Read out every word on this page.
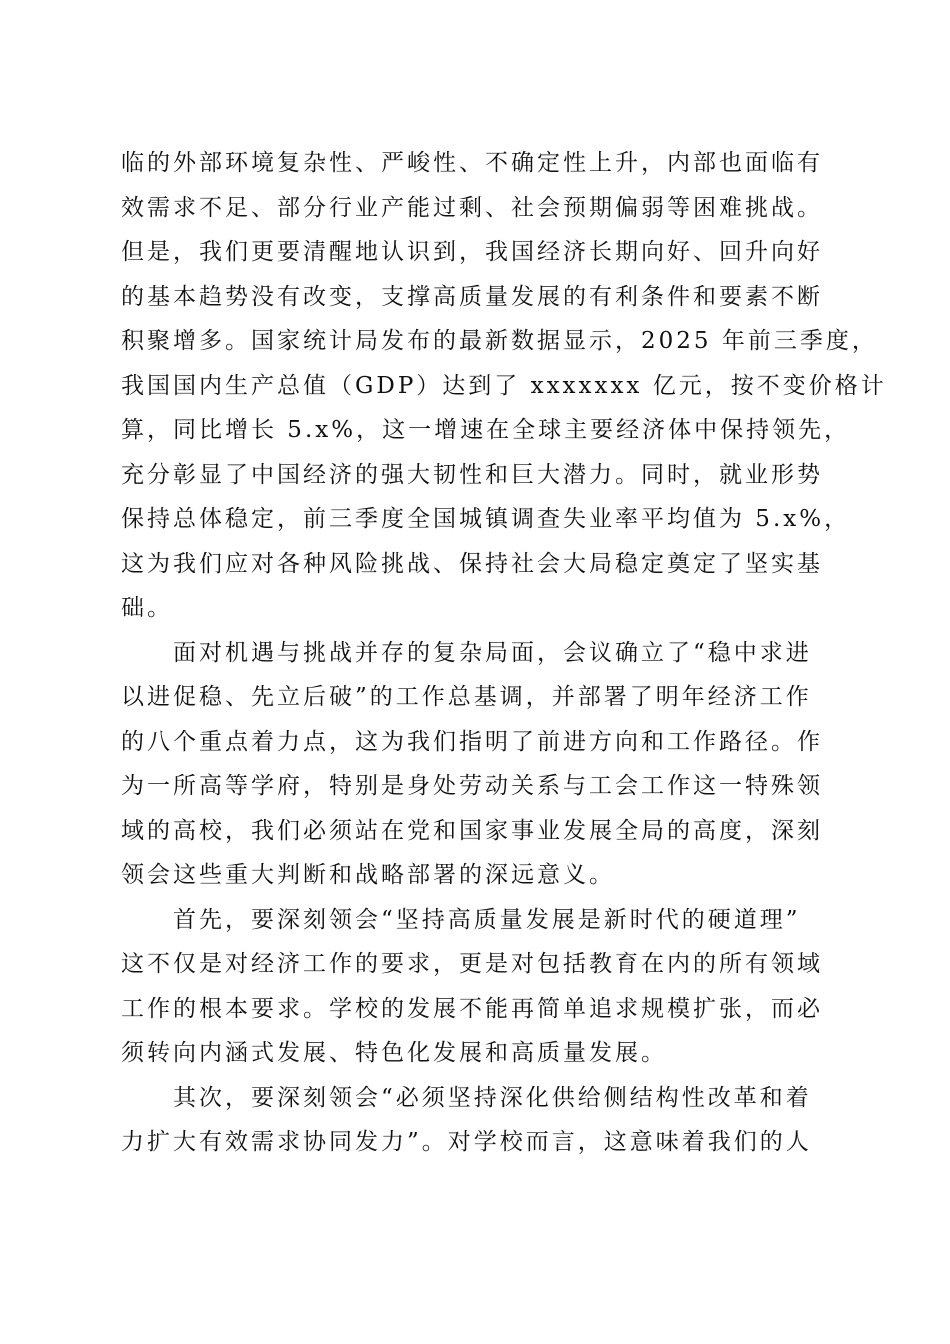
临的外部环境复杂性、严峻性、不确定性上升，内部也面临有
效需求不足、部分行业产能过剩、社会预期偏弱等困难挑战。
但是，我们更要清醒地认识到，我国经济长期向好、回升向好
的基本趋势没有改变，支撑高质量发展的有利条件和要素不断
积聚增多。国家统计局发布的最新数据显示，2025 年前三季度，
我国国内生产总值（GDP）达到了 xxxxxxx 亿元，按不变价格计
算，同比增长 5.x%，这一增速在全球主要经济体中保持领先，
充分彰显了中国经济的强大韧性和巨大潜力。同时，就业形势
保持总体稳定，前三季度全国城镇调查失业率平均值为 5.x%，
这为我们应对各种风险挑战、保持社会大局稳定奠定了坚实基
础。
面对机遇与挑战并存的复杂局面，会议确立了“稳中求进
以进促稳、先立后破”的工作总基调，并部署了明年经济工作
的八个重点着力点，这为我们指明了前进方向和工作路径。作
为一所高等学府，特别是身处劳动关系与工会工作这一特殊领
域的高校，我们必须站在党和国家事业发展全局的高度，深刻
领会这些重大判断和战略部署的深远意义。
首先，要深刻领会“坚持高质量发展是新时代的硬道理”
这不仅是对经济工作的要求，更是对包括教育在内的所有领域
工作的根本要求。学校的发展不能再简单追求规模扩张，而必
须转向内涵式发展、特色化发展和高质量发展。
其次，要深刻领会“必须坚持深化供给侧结构性改革和着
力扩大有效需求协同发力”。对学校而言，这意味着我们的人
